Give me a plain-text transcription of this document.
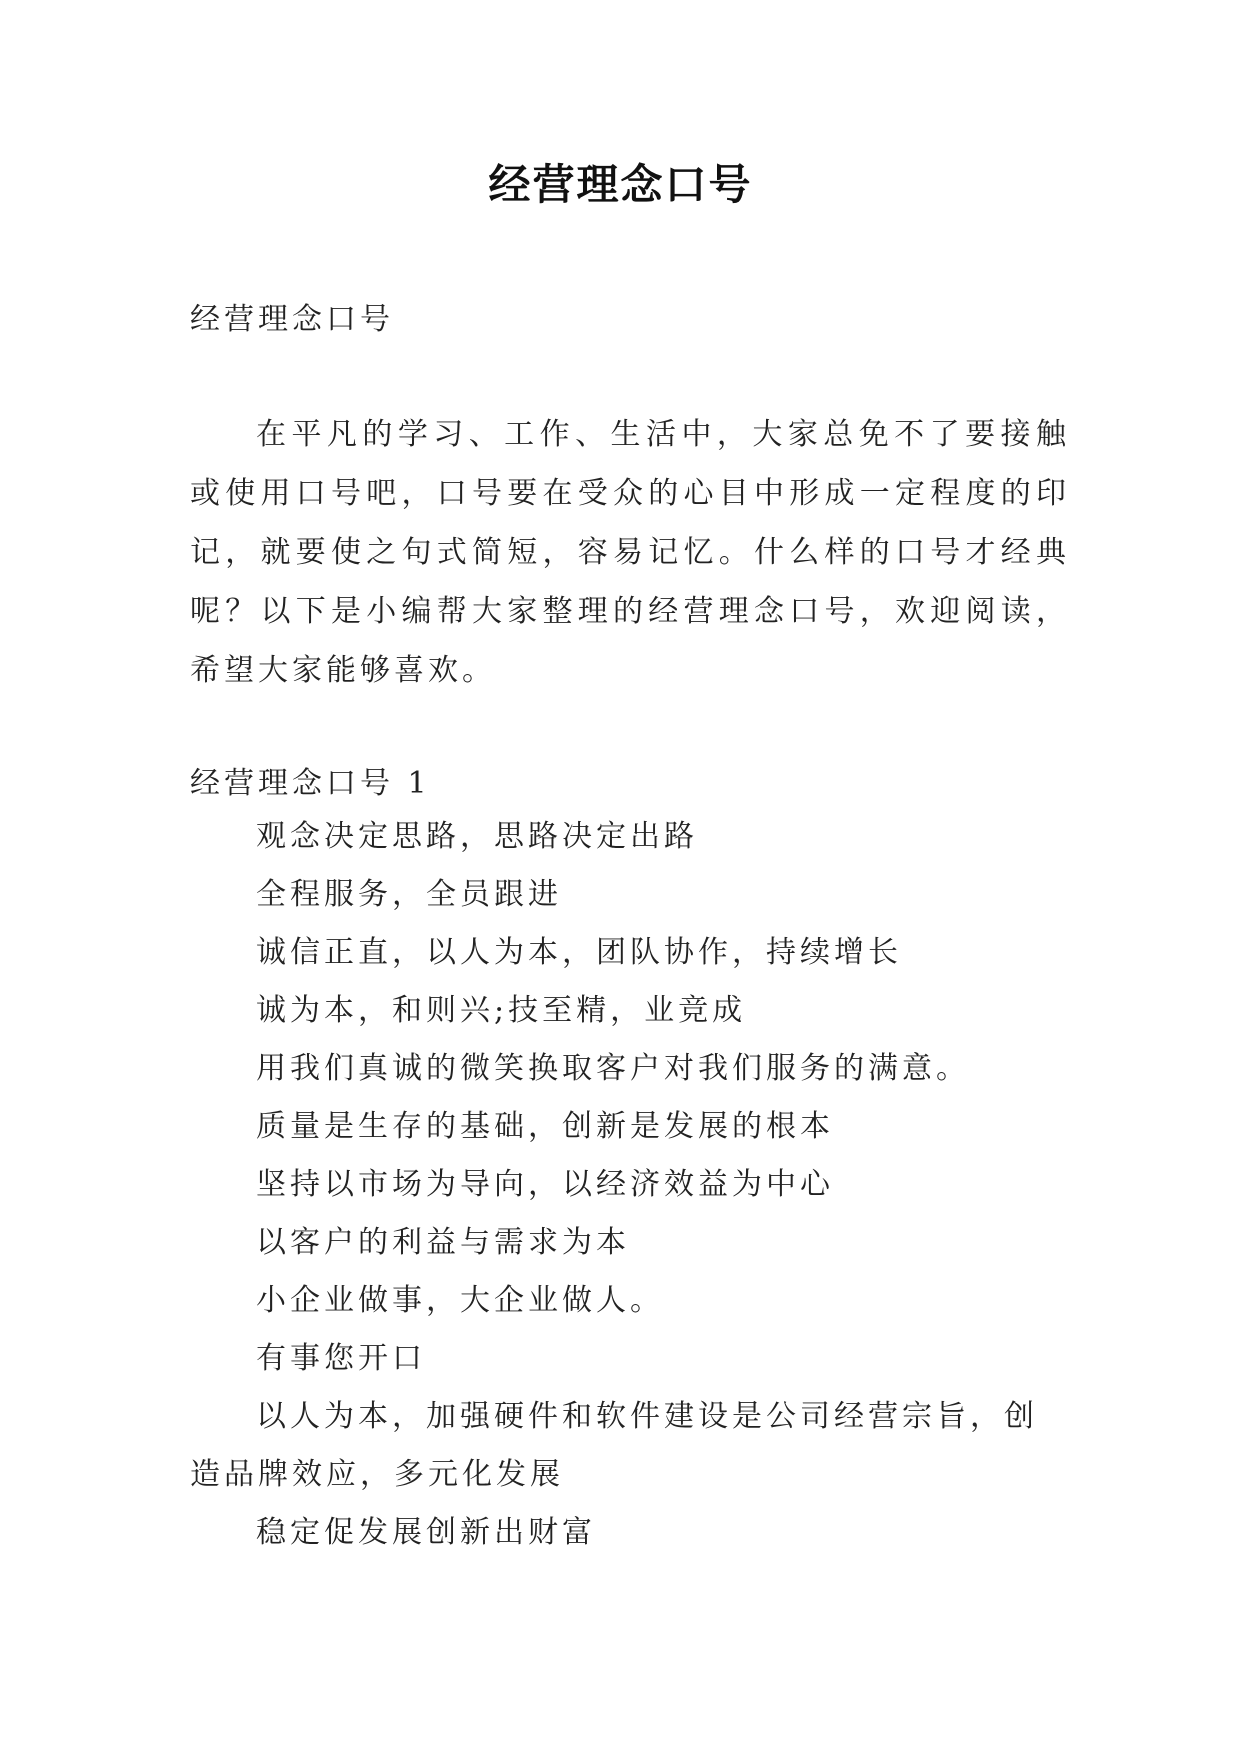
经营理念口号
经营理念口号

在平凡的学习、工作、生活中，大家总免不了要接触或使用口号吧，口号要在受众的心目中形成一定程度的印记，就要使之句式简短，容易记忆。什么样的口号才经典呢？以下是小编帮大家整理的经营理念口号，欢迎阅读，希望大家能够喜欢。

经营理念口号 1
观念决定思路，思路决定出路
全程服务，全员跟进
诚信正直，以人为本，团队协作，持续增长
诚为本，和则兴;技至精，业竞成
用我们真诚的微笑换取客户对我们服务的满意。
质量是生存的基础，创新是发展的根本
坚持以市场为导向，以经济效益为中心
以客户的利益与需求为本
小企业做事，大企业做人。
有事您开口
以人为本，加强硬件和软件建设是公司经营宗旨，创造品牌效应，多元化发展
稳定促发展创新出财富
